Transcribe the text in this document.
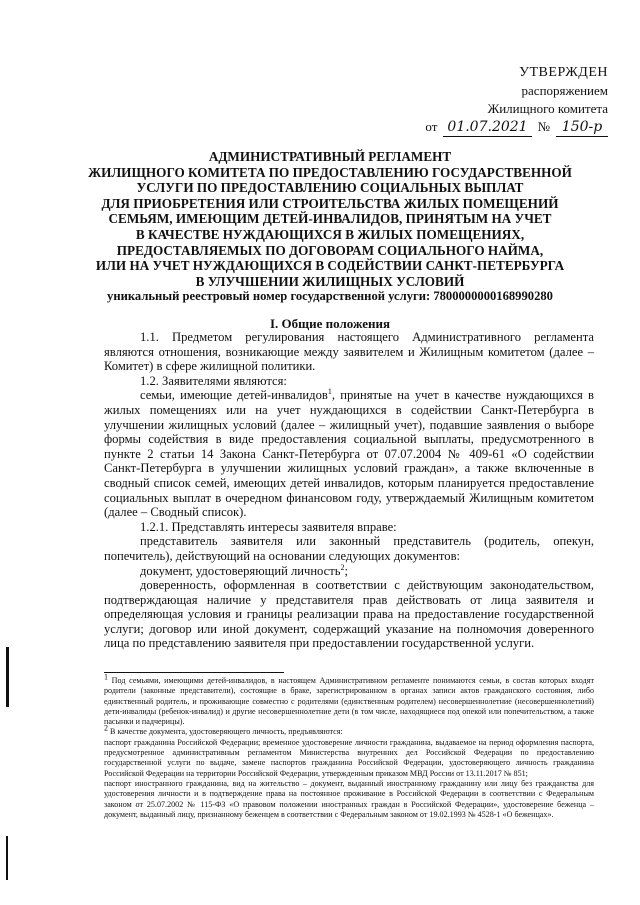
УТВЕРЖДЕН
распоряжением
Жилищного комитета
от 01.07.2021 № 150-р
АДМИНИСТРАТИВНЫЙ РЕГЛАМЕНТ
ЖИЛИЩНОГО КОМИТЕТА ПО ПРЕДОСТАВЛЕНИЮ ГОСУДАРСТВЕННОЙ
УСЛУГИ ПО ПРЕДОСТАВЛЕНИЮ СОЦИАЛЬНЫХ ВЫПЛАТ
ДЛЯ ПРИОБРЕТЕНИЯ ИЛИ СТРОИТЕЛЬСТВА ЖИЛЫХ ПОМЕЩЕНИЙ
СЕМЬЯМ, ИМЕЮЩИМ ДЕТЕЙ-ИНВАЛИДОВ, ПРИНЯТЫМ НА УЧЕТ
В КАЧЕСТВЕ НУЖДАЮЩИХСЯ В ЖИЛЫХ ПОМЕЩЕНИЯХ,
ПРЕДОСТАВЛЯЕМЫХ ПО ДОГОВОРАМ СОЦИАЛЬНОГО НАЙМА,
ИЛИ НА УЧЕТ НУЖДАЮЩИХСЯ В СОДЕЙСТВИИ САНКТ-ПЕТЕРБУРГА
В УЛУЧШЕНИИ ЖИЛИЩНЫХ УСЛОВИЙ
уникальный реестровый номер государственной услуги: 7800000000168990280
I. Общие положения

1.1. Предметом регулирования настоящего Административного регламента являются отношения, возникающие между заявителем и Жилищным комитетом (далее – Комитет) в сфере жилищной политики.

1.2. Заявителями являются:

семьи, имеющие детей-инвалидов$^1$, принятые на учет в качестве нуждающихся в жилых помещениях или на учет нуждающихся в содействии Санкт-Петербурга в улучшении жилищных условий (далее – жилищный учет), подавшие заявления о выборе формы содействия в виде предоставления социальной выплаты, предусмотренного в пункте 2 статьи 14 Закона Санкт-Петербурга от 07.07.2004 № 409-61 «О содействии Санкт-Петербурга в улучшении жилищных условий граждан», а также включенные в сводный список семей, имеющих детей инвалидов, которым планируется предоставление социальных выплат в очередном финансовом году, утверждаемый Жилищным комитетом (далее – Сводный список).

1.2.1. Представлять интересы заявителя вправе:

представитель заявителя или законный представитель (родитель, опекун, попечитель), действующий на основании следующих документов:

документ, удостоверяющий личность$^2$;

доверенность, оформленная в соответствии с действующим законодательством, подтверждающая наличие у представителя прав действовать от лица заявителя и определяющая условия и границы реализации права на предоставление государственной услуги; договор или иной документ, содержащий указание на полномочия доверенного лица по представлению заявителя при предоставлении государственной услуги.

$^1$ Под семьями, имеющими детей-инвалидов, в настоящем Административном регламенте понимаются семьи, в состав которых входят родители (законные представители), состоящие в браке, зарегистрированном в органах записи актов гражданского состояния, либо единственный родитель, и проживающие совместно с родителями (единственным родителем) несовершеннолетние (несовершеннолетний) дети-инвалиды (ребенок-инвалид) и другие несовершеннолетние дети (в том числе, находящиеся под опекой или попечительством, а также пасынки и падчерицы).

$^2$ В качестве документа, удостоверяющего личность, предъявляются:

паспорт гражданина Российской Федерации; временное удостоверение личности гражданина, выдаваемое на период оформления паспорта, предусмотренное административным регламентом Министерства внутренних дел Российской Федерации по предоставлению государственной услуги по выдаче, замене паспортов гражданина Российской Федерации, удостоверяющего личность гражданина Российской Федерации на территории Российской Федерации, утвержденным приказом МВД России от 13.11.2017 № 851;

паспорт иностранного гражданина, вид на жительство – документ, выданный иностранному гражданину или лицу без гражданства для удостоверения личности и в подтверждение права на постоянное проживание в Российской Федерации в соответствии с Федеральным законом от 25.07.2002 № 115-ФЗ «О правовом положении иностранных граждан в Российской Федерации», удостоверение беженца – документ, выданный лицу, признанному беженцем в соответствии с Федеральным законом от 19.02.1993 № 4528-1 «О беженцах».
